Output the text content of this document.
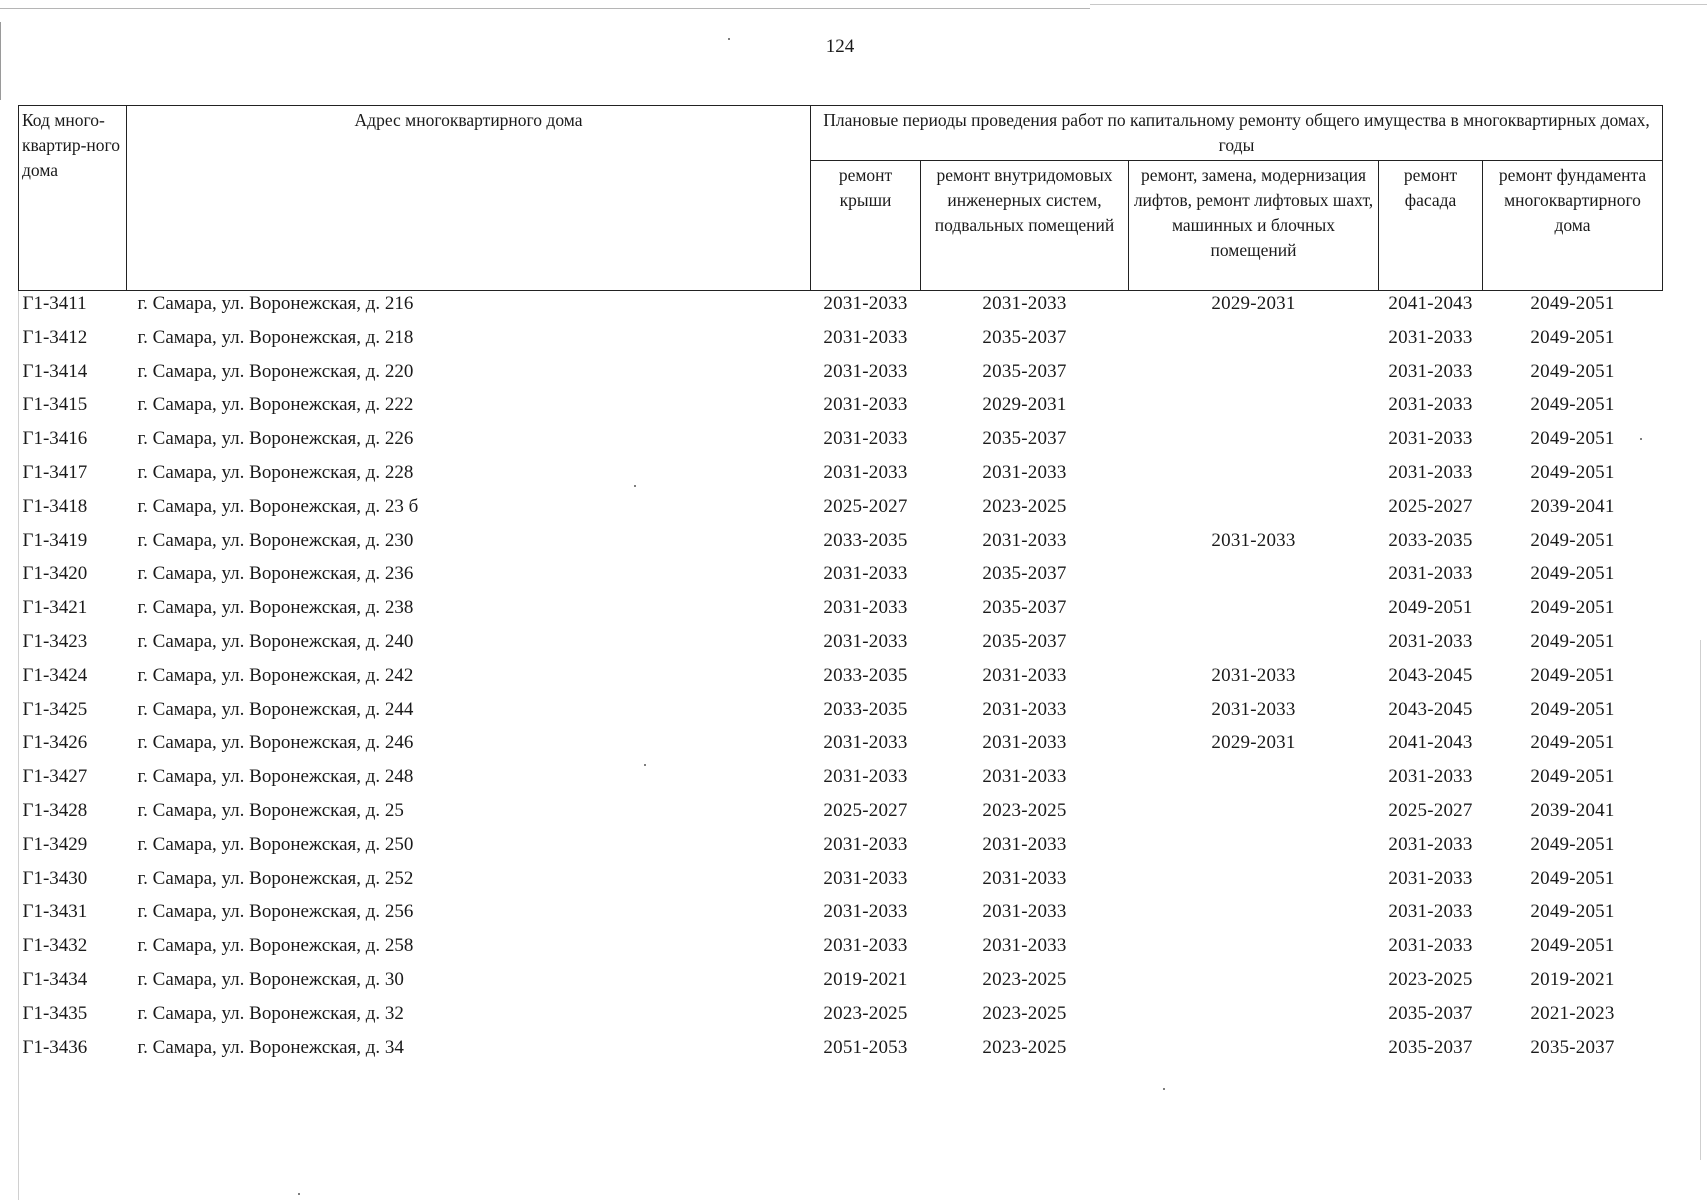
124
Код много-квартир-ного дома	Адрес многоквартирного дома	Плановые периоды проведения работ по капитальному ремонту общего имущества в многоквартирных домах, годы				
		ремонт крыши	ремонт внутридомовых инженерных систем, подвальных помещений	ремонт, замена, модернизация лифтов, ремонт лифтовых шахт, машинных и блочных помещений	ремонт фасада	ремонт фундамента многоквартирного дома
Г1-3411	г. Самара, ул. Воронежская, д. 216	2031-2033	2031-2033	2029-2031	2041-2043	2049-2051
Г1-3412	г. Самара, ул. Воронежская, д. 218	2031-2033	2035-2037		2031-2033	2049-2051
Г1-3414	г. Самара, ул. Воронежская, д. 220	2031-2033	2035-2037		2031-2033	2049-2051
Г1-3415	г. Самара, ул. Воронежская, д. 222	2031-2033	2029-2031		2031-2033	2049-2051
Г1-3416	г. Самара, ул. Воронежская, д. 226	2031-2033	2035-2037		2031-2033	2049-2051
Г1-3417	г. Самара, ул. Воронежская, д. 228	2031-2033	2031-2033		2031-2033	2049-2051
Г1-3418	г. Самара, ул. Воронежская, д. 23 б	2025-2027	2023-2025		2025-2027	2039-2041
Г1-3419	г. Самара, ул. Воронежская, д. 230	2033-2035	2031-2033	2031-2033	2033-2035	2049-2051
Г1-3420	г. Самара, ул. Воронежская, д. 236	2031-2033	2035-2037		2031-2033	2049-2051
Г1-3421	г. Самара, ул. Воронежская, д. 238	2031-2033	2035-2037		2049-2051	2049-2051
Г1-3423	г. Самара, ул. Воронежская, д. 240	2031-2033	2035-2037		2031-2033	2049-2051
Г1-3424	г. Самара, ул. Воронежская, д. 242	2033-2035	2031-2033	2031-2033	2043-2045	2049-2051
Г1-3425	г. Самара, ул. Воронежская, д. 244	2033-2035	2031-2033	2031-2033	2043-2045	2049-2051
Г1-3426	г. Самара, ул. Воронежская, д. 246	2031-2033	2031-2033	2029-2031	2041-2043	2049-2051
Г1-3427	г. Самара, ул. Воронежская, д. 248	2031-2033	2031-2033		2031-2033	2049-2051
Г1-3428	г. Самара, ул. Воронежская, д. 25	2025-2027	2023-2025		2025-2027	2039-2041
Г1-3429	г. Самара, ул. Воронежская, д. 250	2031-2033	2031-2033		2031-2033	2049-2051
Г1-3430	г. Самара, ул. Воронежская, д. 252	2031-2033	2031-2033		2031-2033	2049-2051
Г1-3431	г. Самара, ул. Воронежская, д. 256	2031-2033	2031-2033		2031-2033	2049-2051
Г1-3432	г. Самара, ул. Воронежская, д. 258	2031-2033	2031-2033		2031-2033	2049-2051
Г1-3434	г. Самара, ул. Воронежская, д. 30	2019-2021	2023-2025		2023-2025	2019-2021
Г1-3435	г. Самара, ул. Воронежская, д. 32	2023-2025	2023-2025		2035-2037	2021-2023
Г1-3436	г. Самара, ул. Воронежская, д. 34	2051-2053	2023-2025		2035-2037	2035-2037
